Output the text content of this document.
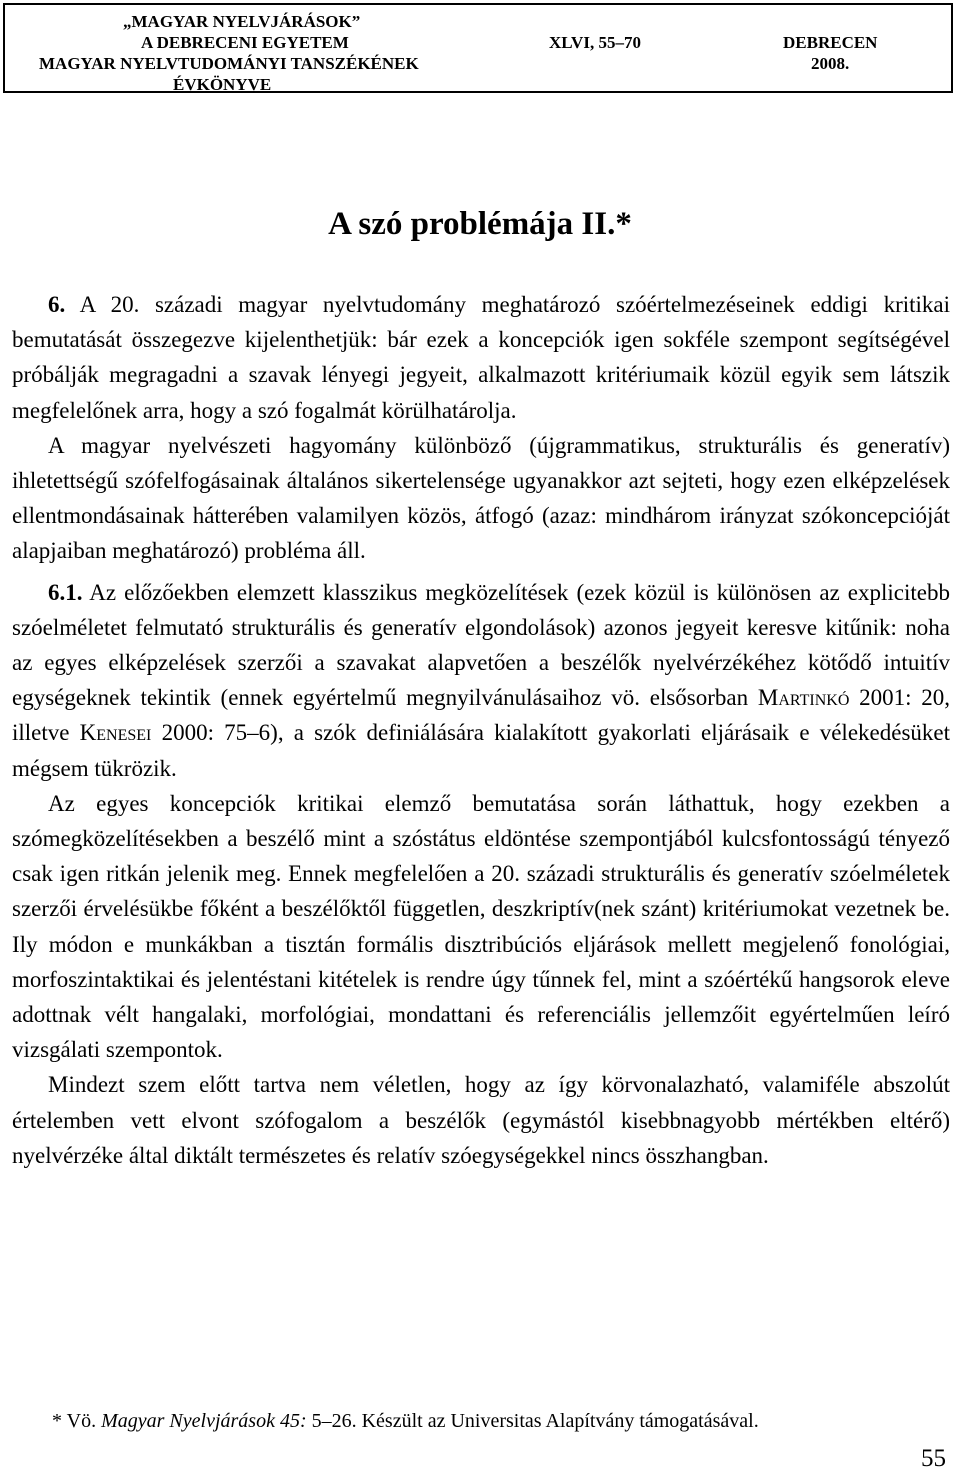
„MAGYAR NYELVJÁRÁSOK”
A DEBRECENI EGYETEM
MAGYAR NYELVTUDOMÁNYI TANSZÉKÉNEK
ÉVKÖNYVE
XLVI, 55–70	DEBRECEN
2008.
A szó problémája II.*

6. A 20. századi magyar nyelvtudomány meghatározó szóértelmezéseinek eddigi kritikai bemutatását összegezve kijelenthetjük: bár ezek a koncepciók igen sokféle szempont segítségével próbálják megragadni a szavak lényegi jegyeit, alkalmazott kritériumaik közül egyik sem látszik megfelelőnek arra, hogy a szó fogalmát körülhatárolja.

A magyar nyelvészeti hagyomány különböző (újgrammatikus, strukturális és generatív) ihletettségű szófelfogásainak általános sikertelensége ugyanakkor azt sejteti, hogy ezen elképzelések ellentmondásainak hátterében valamilyen közös, átfogó (azaz: mindhárom irányzat szókoncepcióját alapjaiban meghatározó) probléma áll.

6.1. Az előzőekben elemzett klasszikus megközelítések (ezek közül is különösen az explicitebb szóelméletet felmutató strukturális és generatív elgondolások) azonos jegyeit keresve kitűnik: noha az egyes elképzelések szerzői a szavakat alapvetően a beszélők nyelvérzékéhez kötődő intuitív egységeknek tekintik (ennek egyértelmű megnyilvánulásaihoz vö. elsősorban Martinkó 2001: 20, illetve Kenesei 2000: 75–6), a szók definiálására kialakított gyakorlati eljárásaik e vélekedésüket mégsem tükrözik.

Az egyes koncepciók kritikai elemző bemutatása során láthattuk, hogy ezekben a szómegközelítésekben a beszélő mint a szóstátus eldöntése szempontjából kulcsfontosságú tényező csak igen ritkán jelenik meg. Ennek megfelelően a 20. századi strukturális és generatív szóelméletek szerzői érvelésükbe főként a beszélőktől független, deszkriptív(nek szánt) kritériumokat vezetnek be. Ily módon e munkákban a tisztán formális disztribúciós eljárások mellett megjelenő fonológiai, morfoszintaktikai és jelentéstani kitételek is rendre úgy tűnnek fel, mint a szóértékű hangsorok eleve adottnak vélt hangalaki, morfológiai, mondattani és referenciális jellemzőit egyértelműen leíró vizsgálati szempontok.

Mindezt szem előtt tartva nem véletlen, hogy az így körvonalazható, valamiféle abszolút értelemben vett elvont szófogalom a beszélők (egymástól kisebbnagyobb mértékben eltérő) nyelvérzéke által diktált természetes és relatív szóegységekkel nincs összhangban.

* Vö. Magyar Nyelvjárások 45: 5–26. Készült az Universitas Alapítvány támogatásával.
55
